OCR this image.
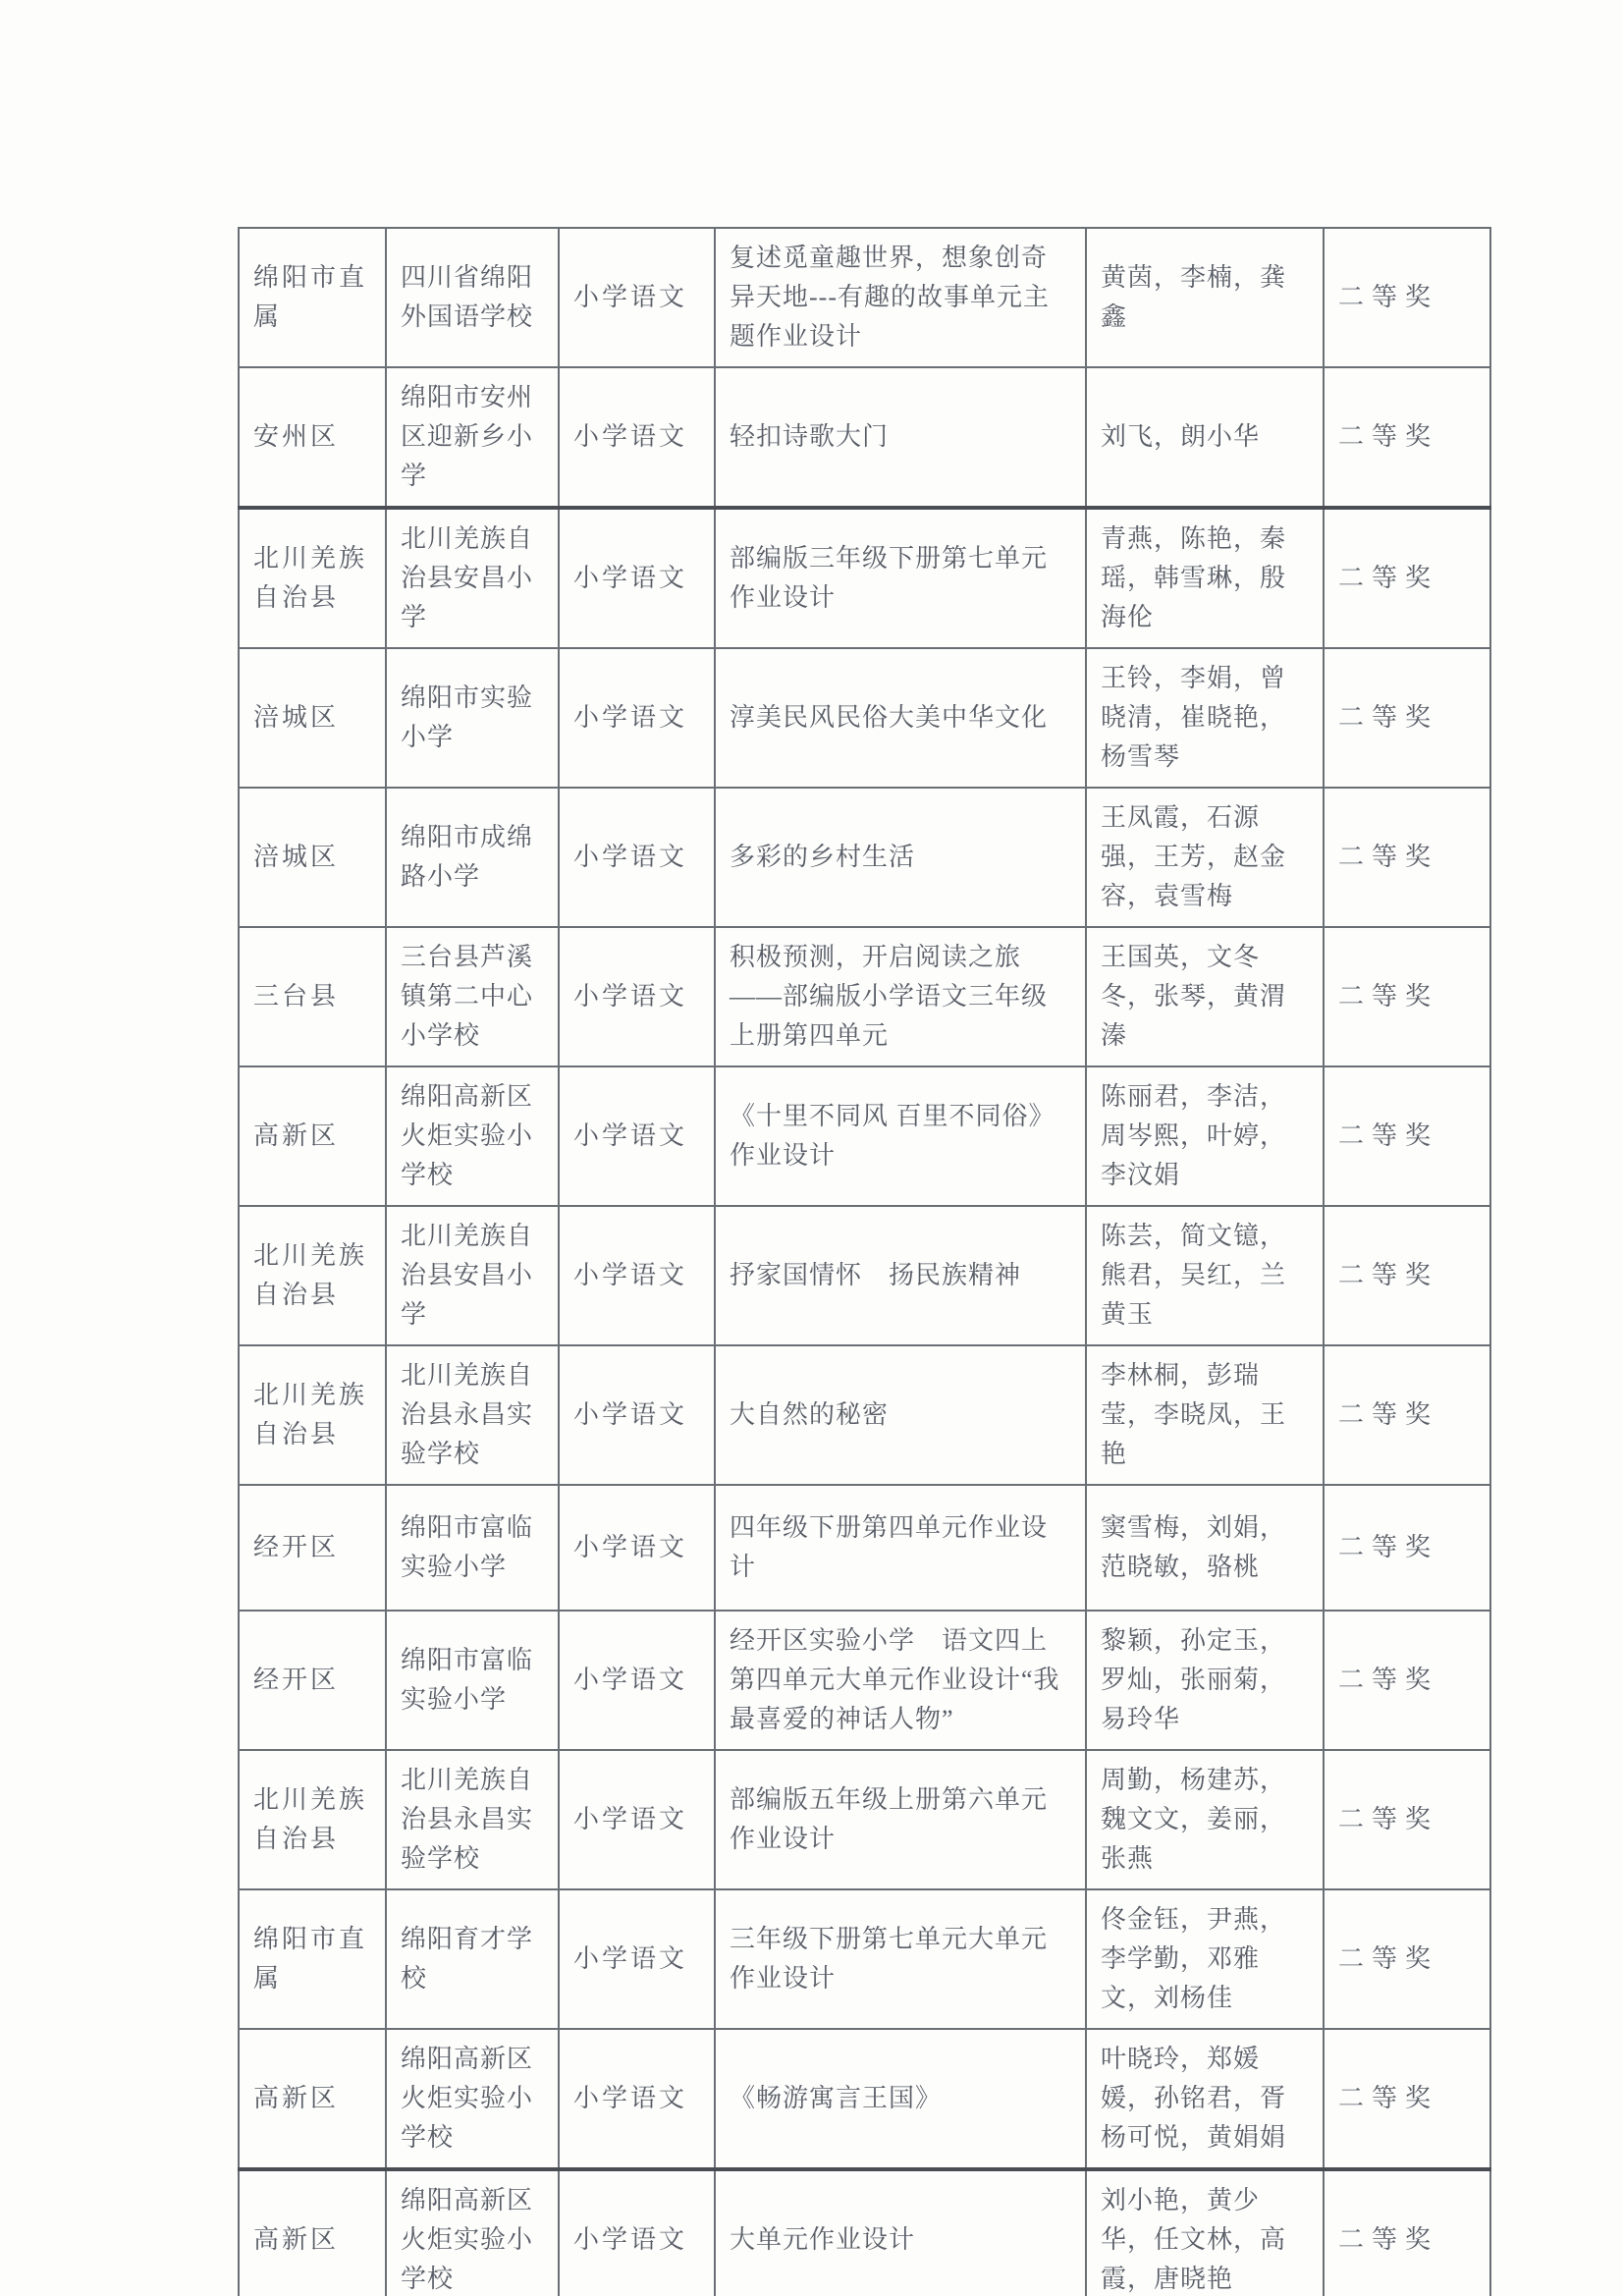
绵阳市直属	四川省绵阳外国语学校	小学语文	复述觅童趣世界，想象创奇异天地---有趣的故事单元主题作业设计	黄茵，李楠，龚鑫	二等奖
安州区	绵阳市安州区迎新乡小学	小学语文	轻扣诗歌大门	刘飞，朗小华	二等奖
北川羌族自治县	北川羌族自治县安昌小学	小学语文	部编版三年级下册第七单元作业设计	青燕，陈艳，秦瑶，韩雪琳，殷海伦	二等奖
涪城区	绵阳市实验小学	小学语文	淳美民风民俗大美中华文化	王铃，李娟，曾晓清，崔晓艳，杨雪琴	二等奖
涪城区	绵阳市成绵路小学	小学语文	多彩的乡村生活	王凤霞，石源强，王芳，赵金容，袁雪梅	二等奖
三台县	三台县芦溪镇第二中心小学校	小学语文	积极预测，开启阅读之旅——部编版小学语文三年级上册第四单元	王国英，文冬冬，张琴，黄渭溱	二等奖
高新区	绵阳高新区火炬实验小学校	小学语文	《十里不同风 百里不同俗》作业设计	陈丽君，李洁，周岑熙，叶婷，李汶娟	二等奖
北川羌族自治县	北川羌族自治县安昌小学	小学语文	抒家国情怀　扬民族精神	陈芸，简文镱，熊君，吴红，兰黄玉	二等奖
北川羌族自治县	北川羌族自治县永昌实验学校	小学语文	大自然的秘密	李林桐，彭瑞莹，李晓凤，王艳	二等奖
经开区	绵阳市富临实验小学	小学语文	四年级下册第四单元作业设计	窦雪梅，刘娟，范晓敏，骆桃	二等奖
经开区	绵阳市富临实验小学	小学语文	经开区实验小学　语文四上第四单元大单元作业设计“我最喜爱的神话人物”	黎颖，孙定玉，罗灿，张丽菊，易玲华	二等奖
北川羌族自治县	北川羌族自治县永昌实验学校	小学语文	部编版五年级上册第六单元作业设计	周勤，杨建苏，魏文文，姜丽，张燕	二等奖
绵阳市直属	绵阳育才学校	小学语文	三年级下册第七单元大单元作业设计	佟金钰，尹燕，李学勤，邓雅文，刘杨佳	二等奖
高新区	绵阳高新区火炬实验小学校	小学语文	《畅游寓言王国》	叶晓玲，郑媛媛，孙铭君，胥杨可悦，黄娟娟	二等奖
高新区	绵阳高新区火炬实验小学校	小学语文	大单元作业设计	刘小艳，黄少华，任文林，高霞，唐晓艳	二等奖
